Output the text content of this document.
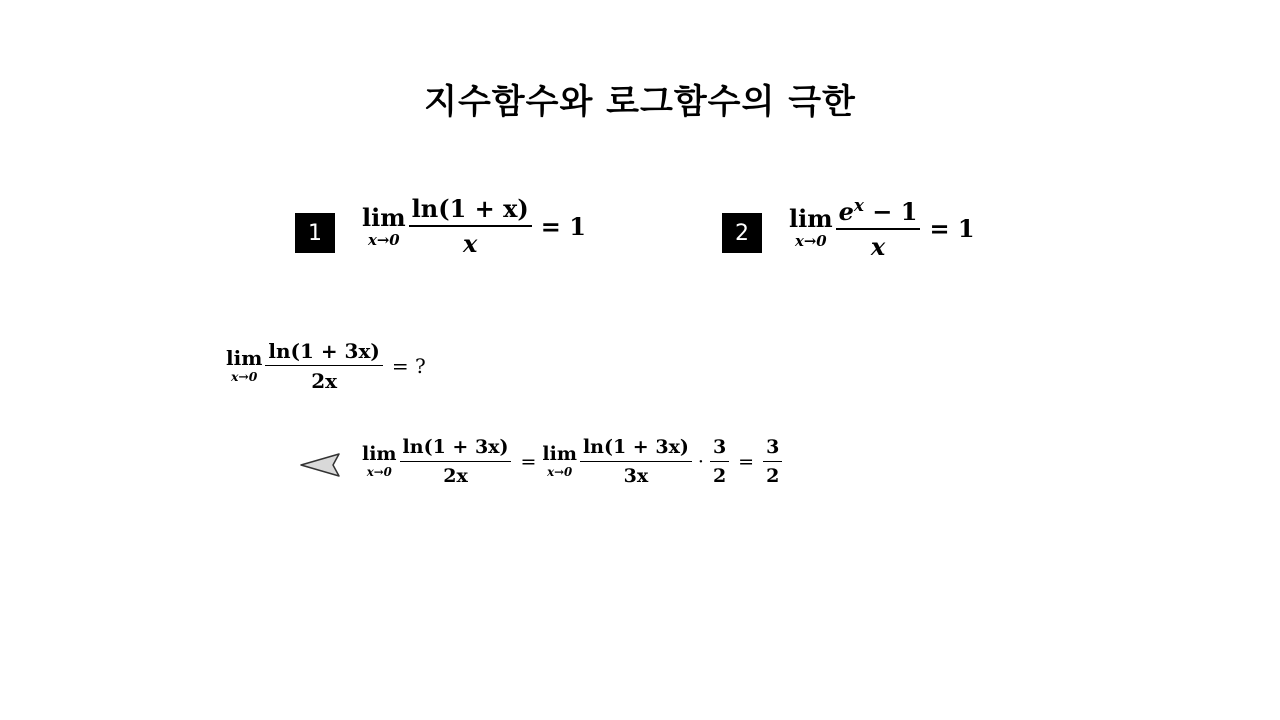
지수함수와 로그함수의 극한
1
lim
$x\to 0 \frac{\ln(1 + x)}{x} = 1$	2	lim
$x\to 0 \frac{e^x - 1}{x} = 1$
lim
$x\to 0 \frac{\ln(1 + 3x)}{2x}$ = ?
lim
$x\to 0 \frac{\ln(1 + 3x)}{2x} = \lim$
$x\to 0 \frac{\ln(1 + 3x)}{3x} \cdot \frac{3}{2} = \frac{3}{2}$
